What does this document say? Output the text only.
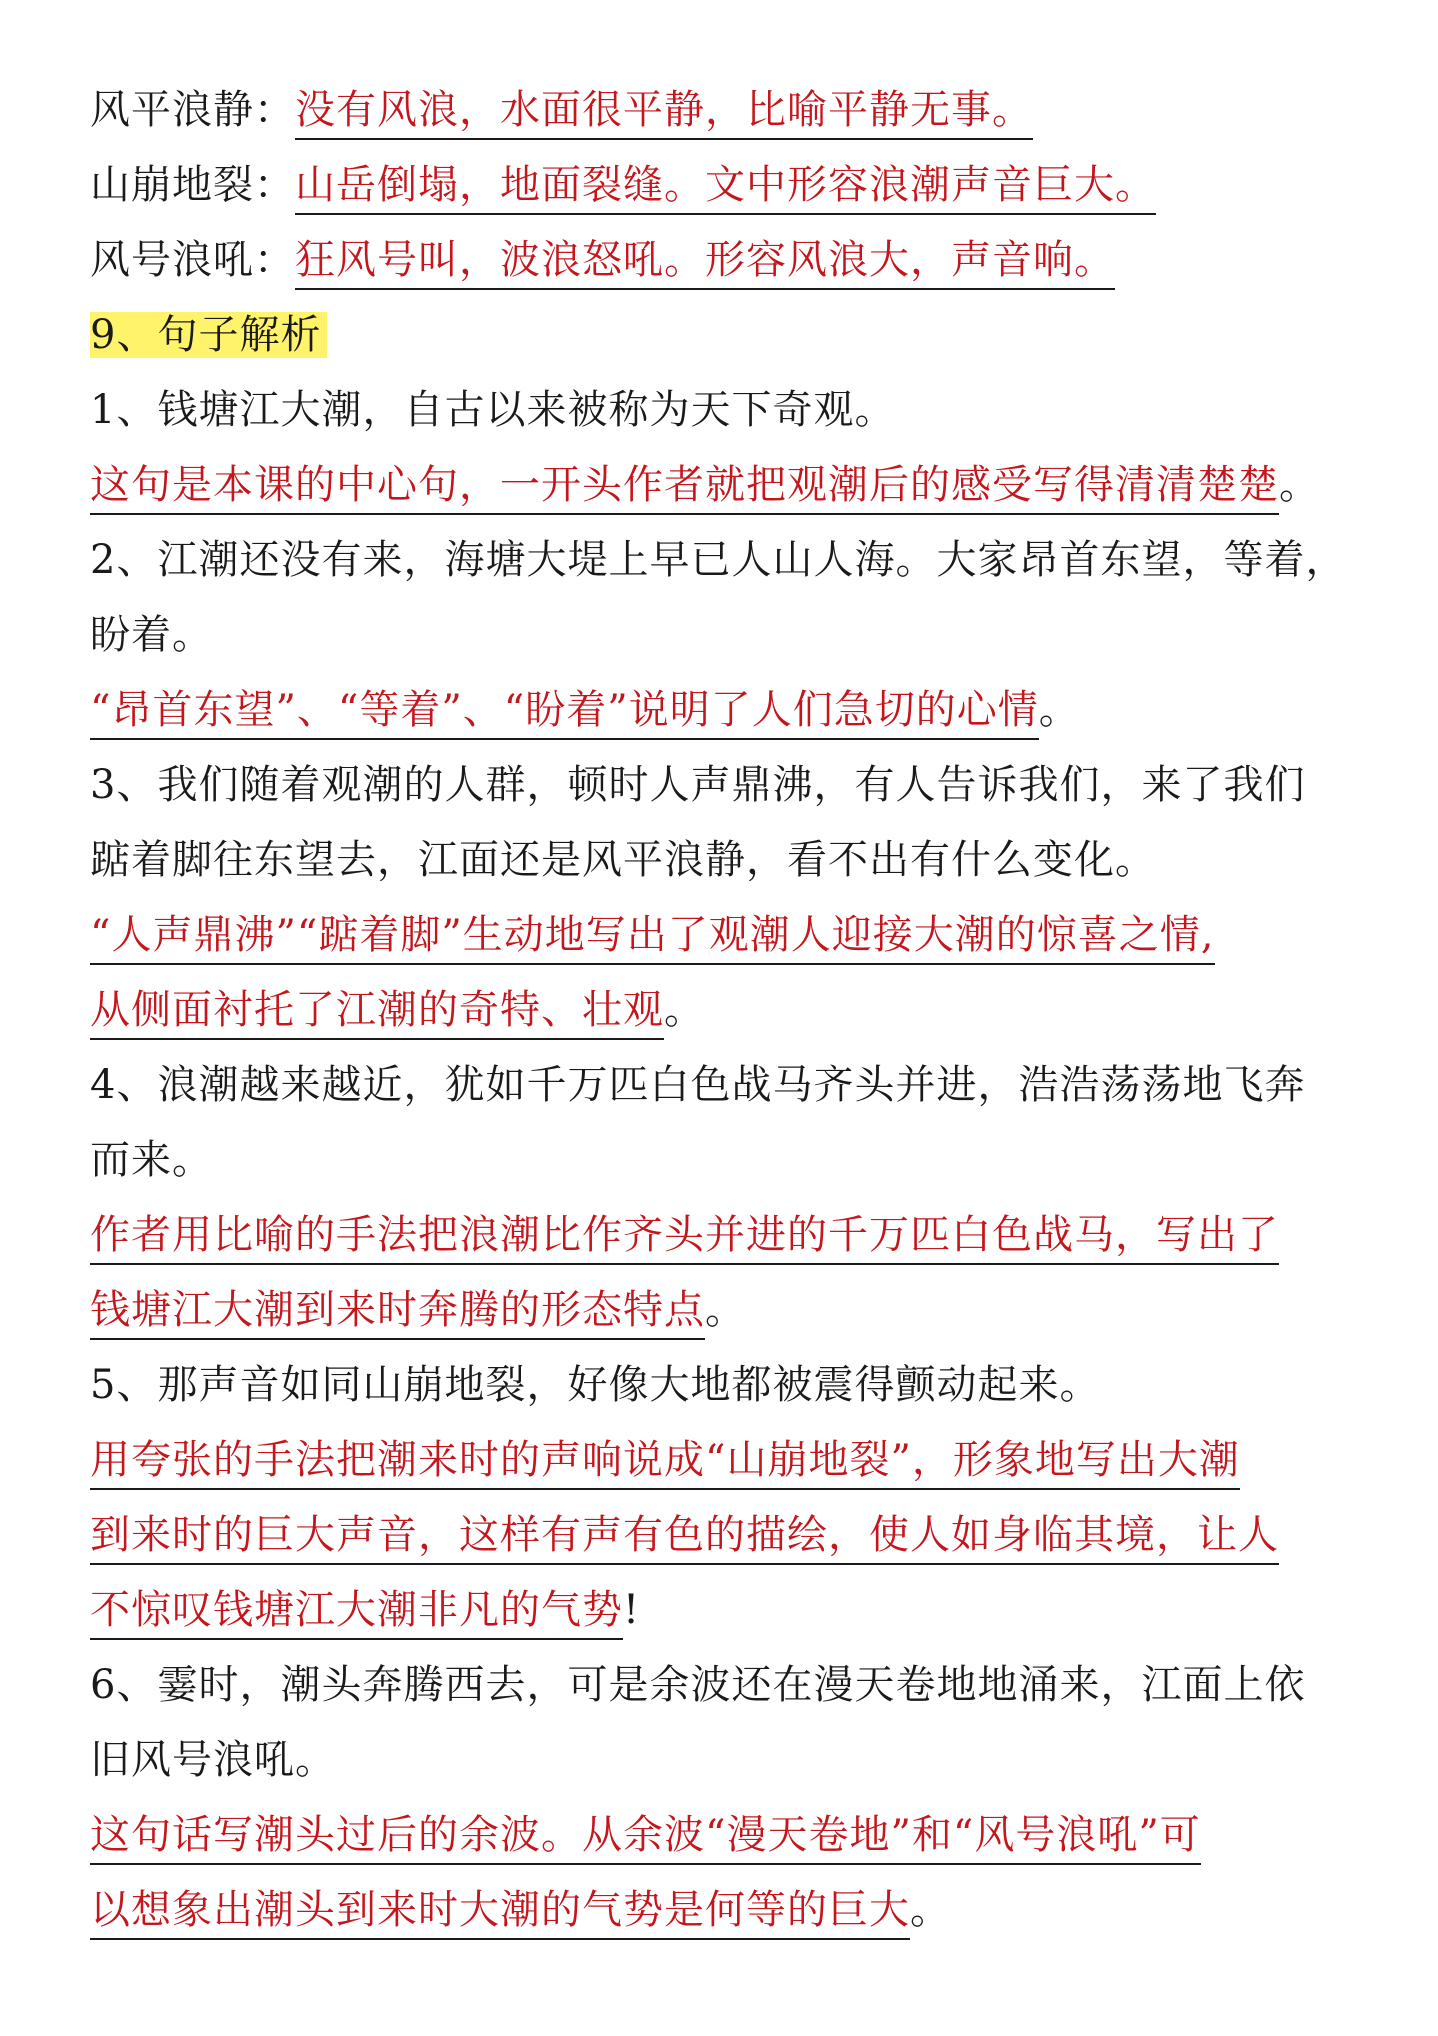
风平浪静：没有风浪，水面很平静，比喻平静无事。
山崩地裂：山岳倒塌，地面裂缝。文中形容浪潮声音巨大。
风号浪吼：狂风号叫，波浪怒吼。形容风浪大，声音响。
9、句子解析
1、钱塘江大潮，自古以来被称为天下奇观。
这句是本课的中心句，一开头作者就把观潮后的感受写得清清楚楚。
2、江潮还没有来，海塘大堤上早已人山人海。大家昂首东望，等着，
盼着。
“昂首东望”、“等着”、“盼着”说明了人们急切的心情。
3、我们随着观潮的人群，顿时人声鼎沸，有人告诉我们，来了我们
踮着脚往东望去，江面还是风平浪静，看不出有什么变化。
“人声鼎沸”“踮着脚”生动地写出了观潮人迎接大潮的惊喜之情,
从侧面衬托了江潮的奇特、壮观。
4、浪潮越来越近，犹如千万匹白色战马齐头并进，浩浩荡荡地飞奔
而来。
作者用比喻的手法把浪潮比作齐头并进的千万匹白色战马，写出了
钱塘江大潮到来时奔腾的形态特点。
5、那声音如同山崩地裂，好像大地都被震得颤动起来。
用夸张的手法把潮来时的声响说成“山崩地裂”，形象地写出大潮
到来时的巨大声音，这样有声有色的描绘，使人如身临其境，让人
不惊叹钱塘江大潮非凡的气势!
6、霎时，潮头奔腾西去，可是余波还在漫天卷地地涌来，江面上依
旧风号浪吼。
这句话写潮头过后的余波。从余波“漫天卷地”和“风号浪吼”可
以想象出潮头到来时大潮的气势是何等的巨大。
